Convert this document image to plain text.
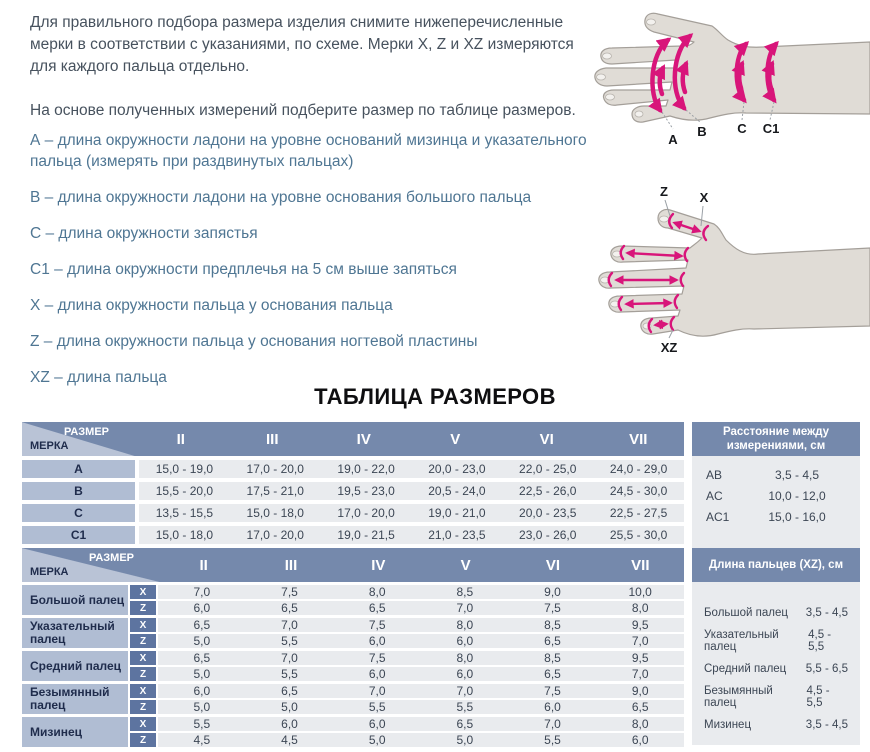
Для правильного подбора размера изделия снимите нижеперечисленные мерки в соответствии с указаниями, по схеме. Мерки X, Z и XZ измеряются для каждого пальца отдельно.

На основе полученных измерений подберите размер по таблице размеров.

А – длина окружности ладони на уровне оснований мизинца и указательного пальца (измерять при раздвинутых пальцах)

B – длина окружности ладони на уровне основания большого пальца

C – длина окружности запястья

C1 – длина окружности предплечья на 5 см выше запяться

X – длина окружности пальца у основания пальца

Z – длина окружности пальца у основания ногтевой пластины

XZ – длина пальца

A
B C C1
Z X
XZ
ТАБЛИЦА РАЗМЕРОВ
РАЗМЕР
МЕРКА	II	III	IV	V	VI	VII
A	15,0 - 19,0	17,0 - 20,0	19,0 - 22,0	20,0 - 23,0	22,0 - 25,0	24,0 - 29,0
B	15,5 - 20,0	17,5 - 21,0	19,5 - 23,0	20,5 - 24,0	22,5 - 26,0	24,5 - 30,0
C	13,5 - 15,5	15,0 - 18,0	17,0 - 20,0	19,0 - 21,0	20,0 - 23,5	22,5 - 27,5
C1	15,0 - 18,0	17,0 - 20,0	19,0 - 21,5	21,0 - 23,5	23,0 - 26,0	25,5 - 30,0
Расстояние между измерениями, см
AB	3,5 - 4,5
AC	10,0 - 12,0
AC1	15,0 - 16,0
РАЗМЕР
МЕРКА	II	III	IV	V	VI	VII
Большой палец
X	7,0	7,5	8,0	8,5	9,0	10,0
Z	6,0	6,5	6,5	7,0	7,5	8,0
Указательный палец
X	6,5	7,0	7,5	8,0	8,5	9,5
Z	5,0	5,5	6,0	6,0	6,5	7,0
Средний палец
X	6,5	7,0	7,5	8,0	8,5	9,5
Z	5,0	5,5	6,0	6,0	6,5	7,0
Безымянный палец
X	6,0	6,5	7,0	7,0	7,5	9,0
Z	5,0	5,0	5,5	5,5	6,0	6,5
Мизинец
X	5,5	6,0	6,0	6,5	7,0	8,0
Z	4,5	4,5	5,0	5,0	5,5	6,0
Длина пальцев (XZ), см
Большой палец 3,5 - 4,5
Указательный палец
4,5 - 5,5
Средний палец 5,5 - 6,5
Безымянный палец
4,5 - 5,5
Мизинец	3,5 - 4,5
